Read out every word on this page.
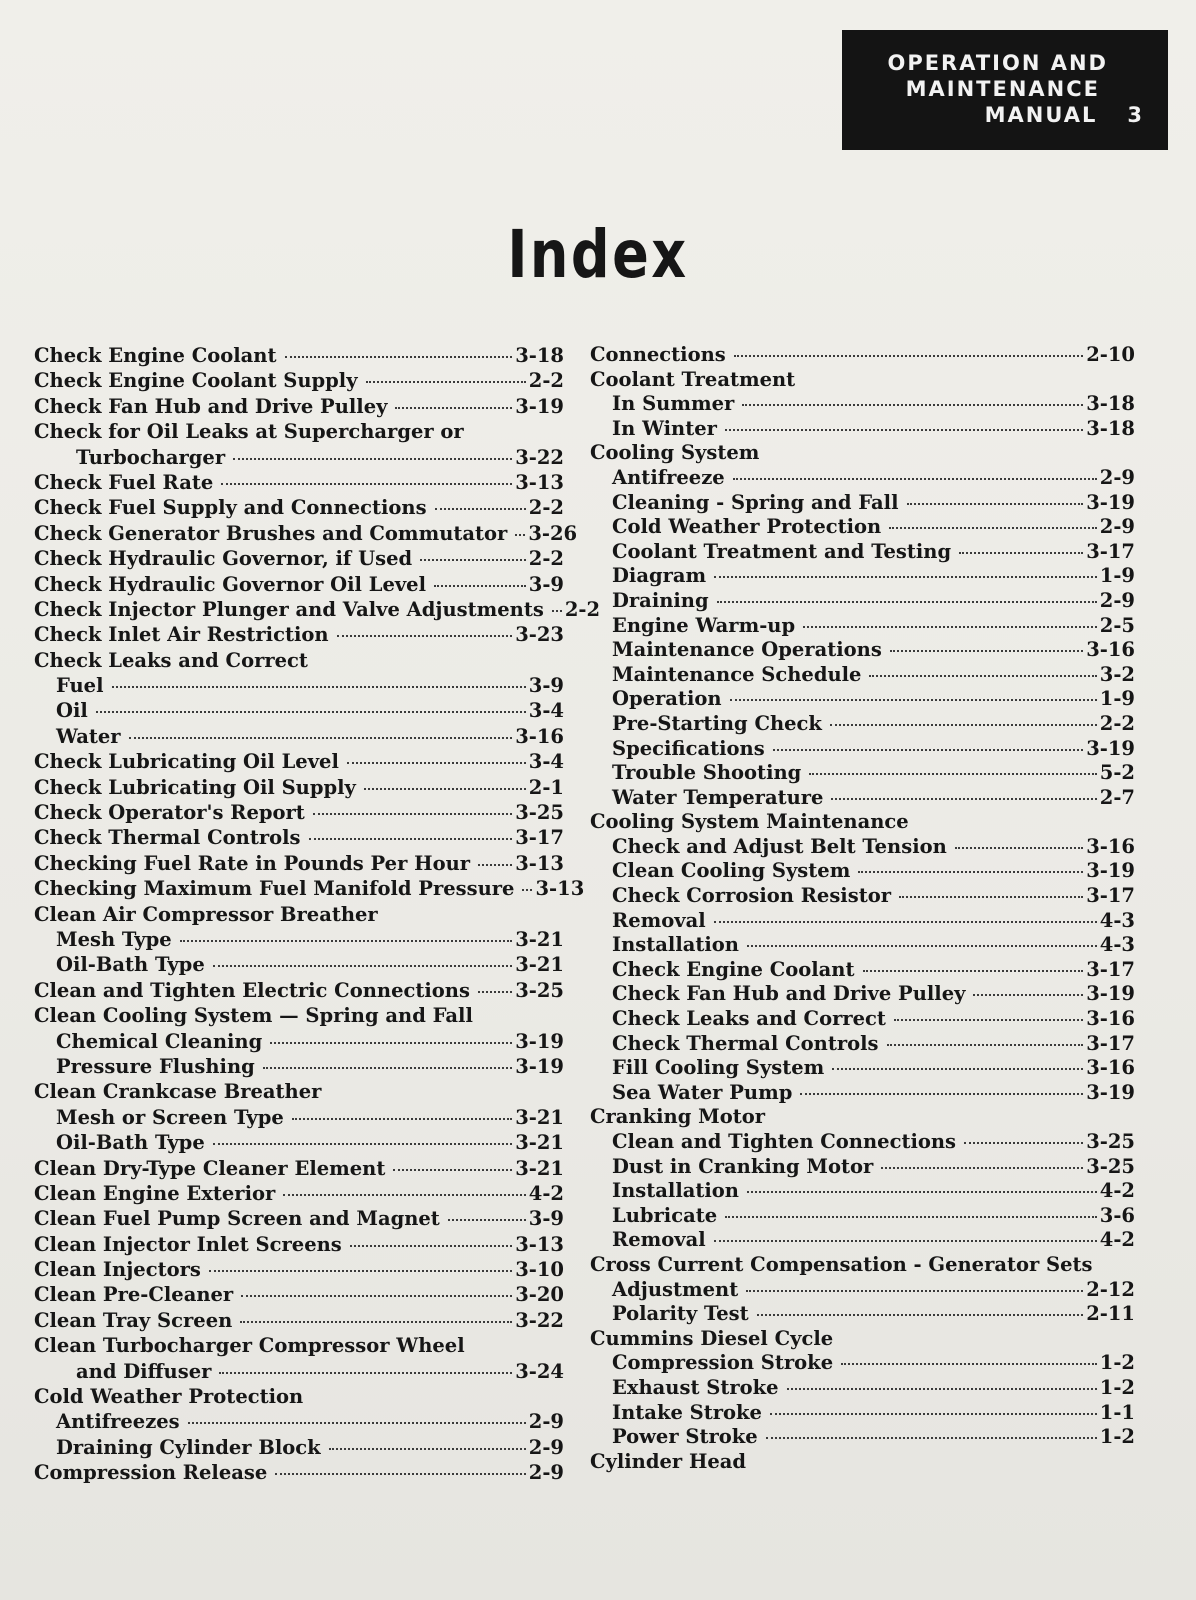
OPERATION AND
MAINTENANCE
MANUAL 3
Index
Check Engine Coolant	3-18
Check Engine Coolant Supply	2-2
Check Fan Hub and Drive Pulley	3-19
Check for Oil Leaks at Supercharger or
Turbocharger	3-22
Check Fuel Rate	3-13
Check Fuel Supply and Connections	2-2
Check Generator Brushes and Commutator 3-26
Check Hydraulic Governor, if Used	2-2
Check Hydraulic Governor Oil Level	3-9
Check Injector Plunger and Valve Adjustments 2-2
Check Inlet Air Restriction	3-23
Check Leaks and Correct
Fuel	3-9
Oil	3-4
Water	3-16
Check Lubricating Oil Level	3-4
Check Lubricating Oil Supply	2-1
Check Operator's Report	3-25
Check Thermal Controls	3-17
Checking Fuel Rate in Pounds Per Hour 3-13
Checking Maximum Fuel Manifold Pressure 3-13
Clean Air Compressor Breather
Mesh Type	3-21
Oil-Bath Type	3-21
Clean and Tighten Electric Connections 3-25
Clean Cooling System — Spring and Fall
Chemical Cleaning	3-19
Pressure Flushing	3-19
Clean Crankcase Breather
Mesh or Screen Type	3-21
Oil-Bath Type	3-21
Clean Dry-Type Cleaner Element	3-21
Clean Engine Exterior	4-2
Clean Fuel Pump Screen and Magnet	3-9
Clean Injector Inlet Screens	3-13
Clean Injectors	3-10
Clean Pre-Cleaner	3-20
Clean Tray Screen	3-22
Clean Turbocharger Compressor Wheel
and Diffuser	3-24
Cold Weather Protection
Antifreezes	2-9
Draining Cylinder Block	2-9
Compression Release	2-9
Connections	2-10
Coolant Treatment
In Summer	3-18
In Winter	3-18
Cooling System
Antifreeze	2-9
Cleaning - Spring and Fall	3-19
Cold Weather Protection	2-9
Coolant Treatment and Testing	3-17
Diagram	1-9
Draining	2-9
Engine Warm-up	2-5
Maintenance Operations	3-16
Maintenance Schedule	3-2
Operation	1-9
Pre-Starting Check	2-2
Specifications	3-19
Trouble Shooting	5-2
Water Temperature	2-7
Cooling System Maintenance
Check and Adjust Belt Tension	3-16
Clean Cooling System	3-19
Check Corrosion Resistor	3-17
Removal	4-3
Installation	4-3
Check Engine Coolant	3-17
Check Fan Hub and Drive Pulley	3-19
Check Leaks and Correct	3-16
Check Thermal Controls	3-17
Fill Cooling System	3-16
Sea Water Pump	3-19
Cranking Motor
Clean and Tighten Connections	3-25
Dust in Cranking Motor	3-25
Installation	4-2
Lubricate	3-6
Removal	4-2
Cross Current Compensation - Generator Sets
Adjustment	2-12
Polarity Test	2-11
Cummins Diesel Cycle
Compression Stroke	1-2
Exhaust Stroke	1-2
Intake Stroke	1-1
Power Stroke	1-2
Cylinder Head
